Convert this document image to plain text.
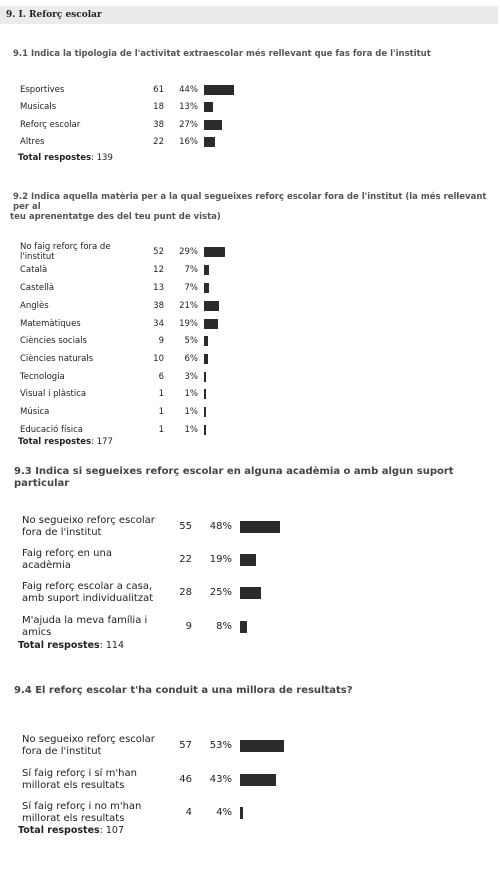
9. I. Reforç escolar
9.1 Indica la tipologia de l'activitat extraescolar més rellevant que fas fora de l'institut
Esportives	61	44%
Musicals	18	13%
Reforç escolar	38	27%
Altres	22	16%
Total respostes: 139
9.2 Indica aquella matèria per a la qual segueixes reforç escolar fora de l'institut (la més rellevant per al
teu aprenentatge des del teu punt de vista)
No faig reforç fora de
l'institut	52	29%
Català	12	7%
Castellà	13	7%
Anglès	38	21%
Matemàtiques	34	19%
Ciències socials	9	5%
Ciències naturals	10	6%
Tecnologia	6	3%
Visual i plàstica	1	1%
Música	1	1%
Educació física	1	1%
Total respostes: 177
9.3 Indica si segueixes reforç escolar en alguna acadèmia o amb algun suport particular
No segueixo reforç escolar
fora de l'institut
55	48%
Faig reforç en una
acadèmia
22	19%
Faig reforç escolar a casa,
amb suport individualitzat
28	25%
M'ajuda la meva família i
amics
9	8%
Total respostes: 114
9.4 El reforç escolar t'ha conduit a una millora de resultats?
No segueixo reforç escolar
fora de l'institut
57	53%
Sí faig reforç i sí m'han
millorat els resultats
46	43%
Sí faig reforç i no m'han
millorat els resultats
4	4%
Total respostes: 107
